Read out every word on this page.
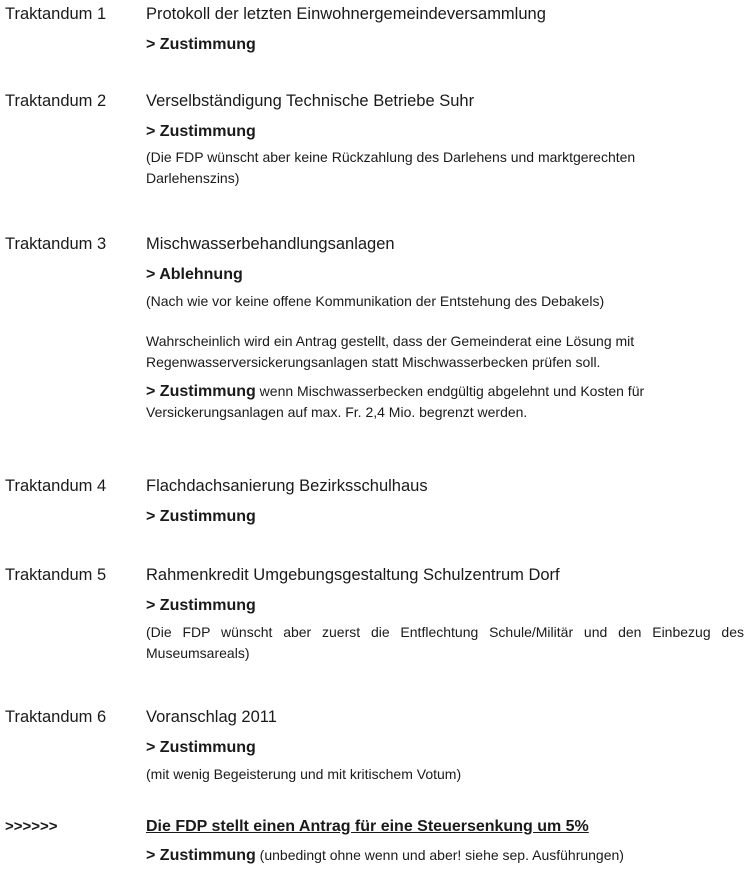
Traktandum 1 Protokoll der letzten Einwohnergemeindeversammlung
> Zustimmung
Traktandum 2 Verselbständigung Technische Betriebe Suhr
> Zustimmung
(Die FDP wünscht aber keine Rückzahlung des Darlehens und marktgerechten Darlehenszins)
Traktandum 3 Mischwasserbehandlungsanlagen
> Ablehnung
(Nach wie vor keine offene Kommunikation der Entstehung des Debakels)
Wahrscheinlich wird ein Antrag gestellt, dass der Gemeinderat eine Lösung mit Regenwasserversickerungsanlagen statt Mischwasserbecken prüfen soll.
> Zustimmung wenn Mischwasserbecken endgültig abgelehnt und Kosten für Versickerungsanlagen auf max. Fr. 2,4 Mio. begrenzt werden.
Traktandum 4 Flachdachsanierung Bezirksschulhaus
> Zustimmung
Traktandum 5 Rahmenkredit Umgebungsgestaltung Schulzentrum Dorf
> Zustimmung
(Die FDP wünscht aber zuerst die Entflechtung Schule/Militär und den Einbezug des Museumsareals)
Traktandum 6 Voranschlag 2011
> Zustimmung
(mit wenig Begeisterung und mit kritischem Votum)
>>>>>>	Die FDP stellt einen Antrag für eine Steuersenkung um 5%
> Zustimmung (unbedingt ohne wenn und aber! siehe sep. Ausführungen)
